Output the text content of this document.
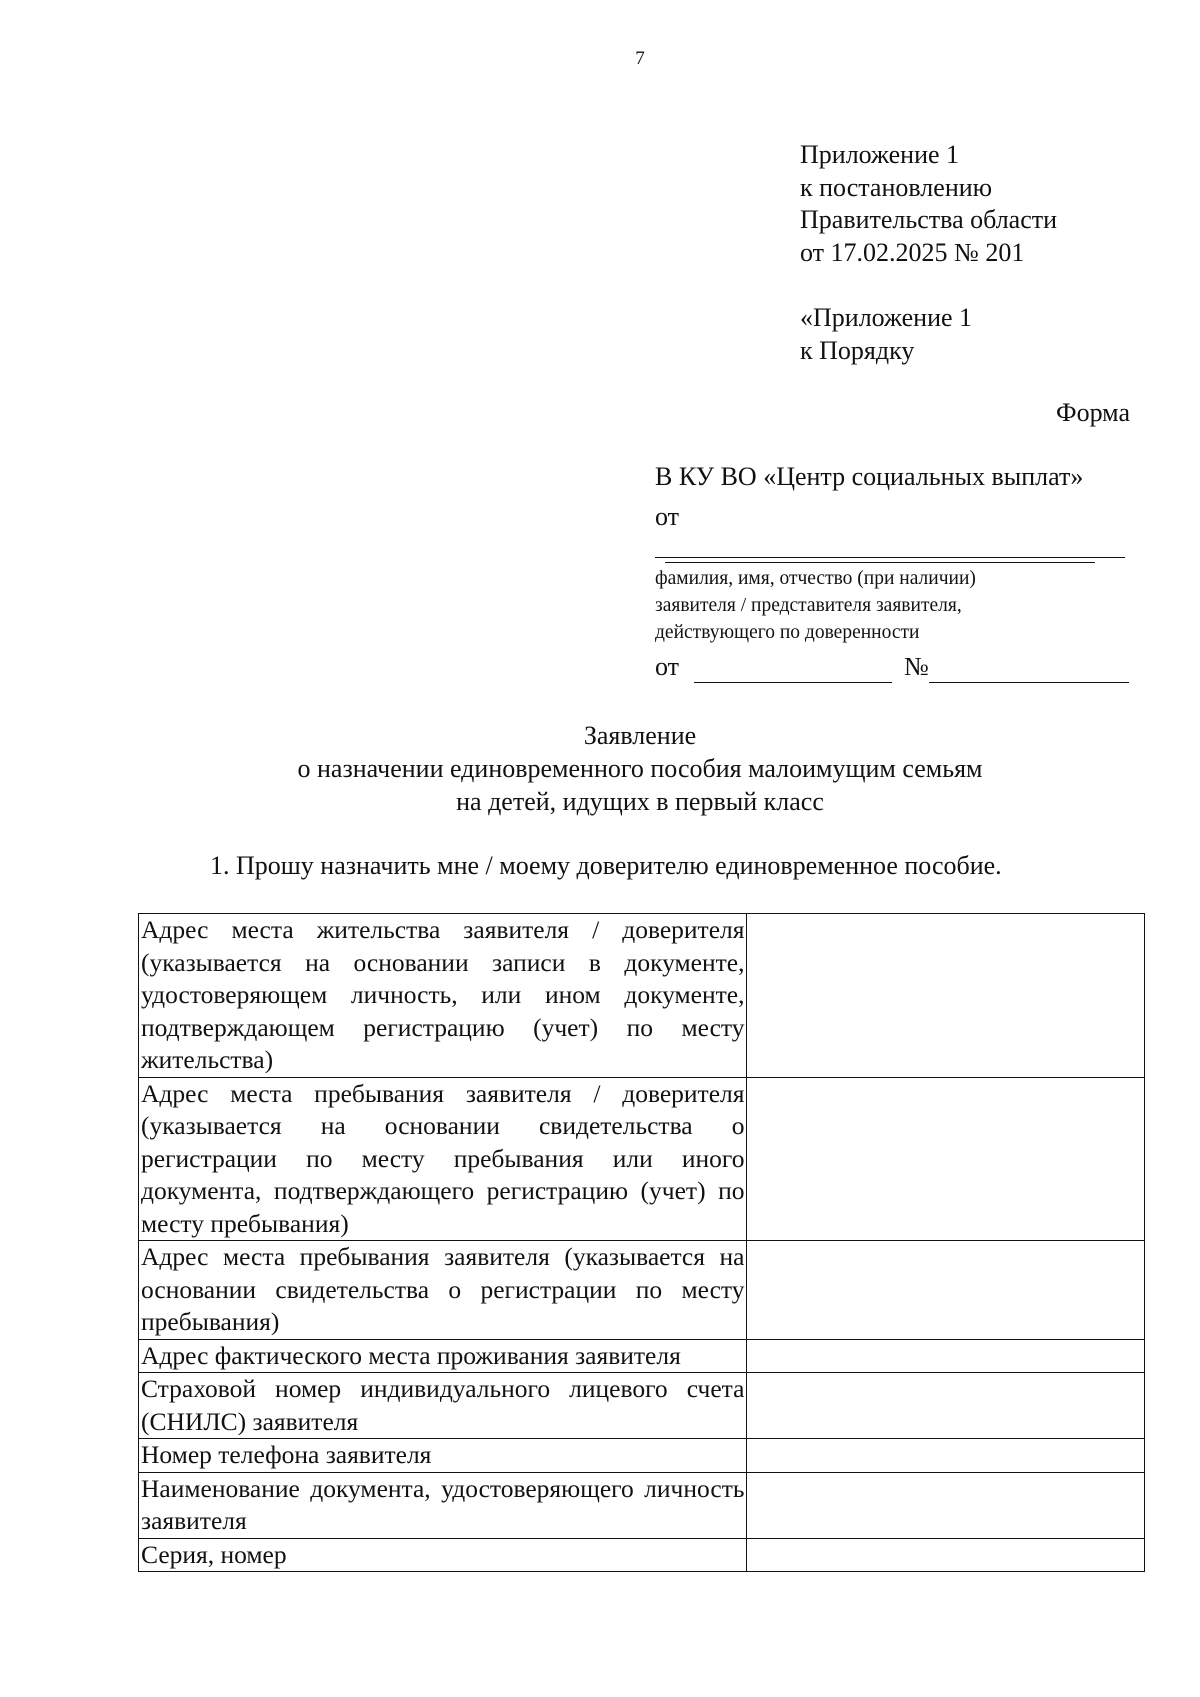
7
Приложение 1
к постановлению
Правительства области
от 17.02.2025 № 201
«Приложение 1
к Порядку
Форма
В КУ ВО «Центр социальных выплат»
от
фамилия, имя, отчество (при наличии)
заявителя / представителя заявителя,
действующего по доверенности
от	№
Заявление
о назначении единовременного пособия малоимущим семьям
на детей, идущих в первый класс
1. Прошу назначить мне / моему доверителю единовременное пособие.
Адрес места жительства заявителя / доверителя (указывается на основании записи в документе, удостоверяющем личность, или ином документе, подтверждающем регистрацию (учет) по месту жительства)	
Адрес места пребывания заявителя / доверителя (указывается на основании свидетельства о регистрации по месту пребывания или иного документа, подтверждающего регистрацию (учет) по месту пребывания)	
Адрес места пребывания заявителя (указывается на основании свидетельства о регистрации по месту пребывания)	
Адрес фактического места проживания заявителя	
Страховой номер индивидуального лицевого счета (СНИЛС) заявителя	
Номер телефона заявителя	
Наименование документа, удостоверяющего личность заявителя	
Серия, номер	
